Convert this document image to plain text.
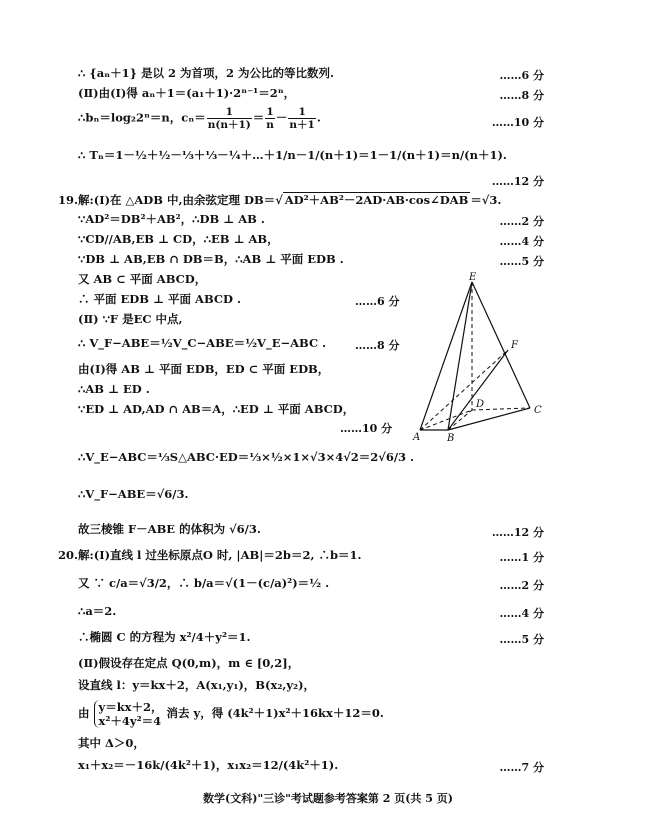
∴ {aₙ＋1} 是以 2 为首项，2 为公比的等比数列.	……6 分
(Ⅱ)由(Ⅰ)得 aₙ＋1＝(a₁＋1)·2ⁿ⁻¹＝2ⁿ，	……8 分
∴bₙ＝log₂2ⁿ＝n，$c_n= \frac{1}{n(n+1)} = \frac{1}{n} - \frac{1}{n+1}$ .	……10 分
∴ Tₙ＝1－½＋½－⅓＋⅓－¼＋…＋1/n－1/(n＋1)＝1－1/(n＋1)＝n/(n＋1).
……12 分
19.解:(Ⅰ)在 △ADB 中,由余弦定理 DB＝√ AD²＋AB²－2AD·AB·cos∠DAB ＝√3.
∵AD²＝DB²＋AB²，∴DB ⊥ AB .	……2 分
∵CD//AB,EB ⊥ CD，∴EB ⊥ AB，	……4 分
∵DB ⊥ AB,EB ∩ DB＝B，∴AB ⊥ 平面 EDB .	……5 分
又 AB ⊂ 平面 ABCD，
∴ 平面 EDB ⊥ 平面 ABCD .	……6 分
(Ⅱ) ∵F 是EC 中点,
∴ V_F−ABE＝½V_C−ABE＝½V_E−ABC .	……8 分
由(Ⅰ)得 AB ⊥ 平面 EDB，ED ⊂ 平面 EDB，
∴AB ⊥ ED .
∵ED ⊥ AD,AD ∩ AB＝A，∴ED ⊥ 平面 ABCD，
……10 分
∴V_E−ABC＝⅓S△ABC·ED＝⅓×½×1×√3×4√2＝2√6/3 .
∴V_F−ABE＝√6/3.
故三棱锥 F－ABE 的体积为 √6/3.	……12 分
20.解:(Ⅰ)直线 l 过坐标原点O 时, |AB|＝2b＝2, ∴b＝1.	……1 分
又 ∵ c/a＝√3/2，∴ b/a＝√(1－(c/a)²)＝½ .	……2 分
∴a＝2.	……4 分
∴椭圆 C 的方程为 x²/4＋y²＝1.	……5 分
(Ⅱ)假设存在定点 Q(0,m)，m ∈ [0,2]，
设直线 l：y＝kx＋2，A(x₁,y₁)，B(x₂,y₂)，
由 y＝kx＋2，
x²＋4y²＝4
消去 y，得 (4k²＋1)x²＋16kx＋12＝0.
其中 Δ＞0，
x₁＋x₂＝－16k/(4k²＋1)，x₁x₂＝12/(4k²＋1).	……7 分
数学(文科)"三诊"考试题参考答案第 2 页(共 5 页)
E
F
D
C
A	B
